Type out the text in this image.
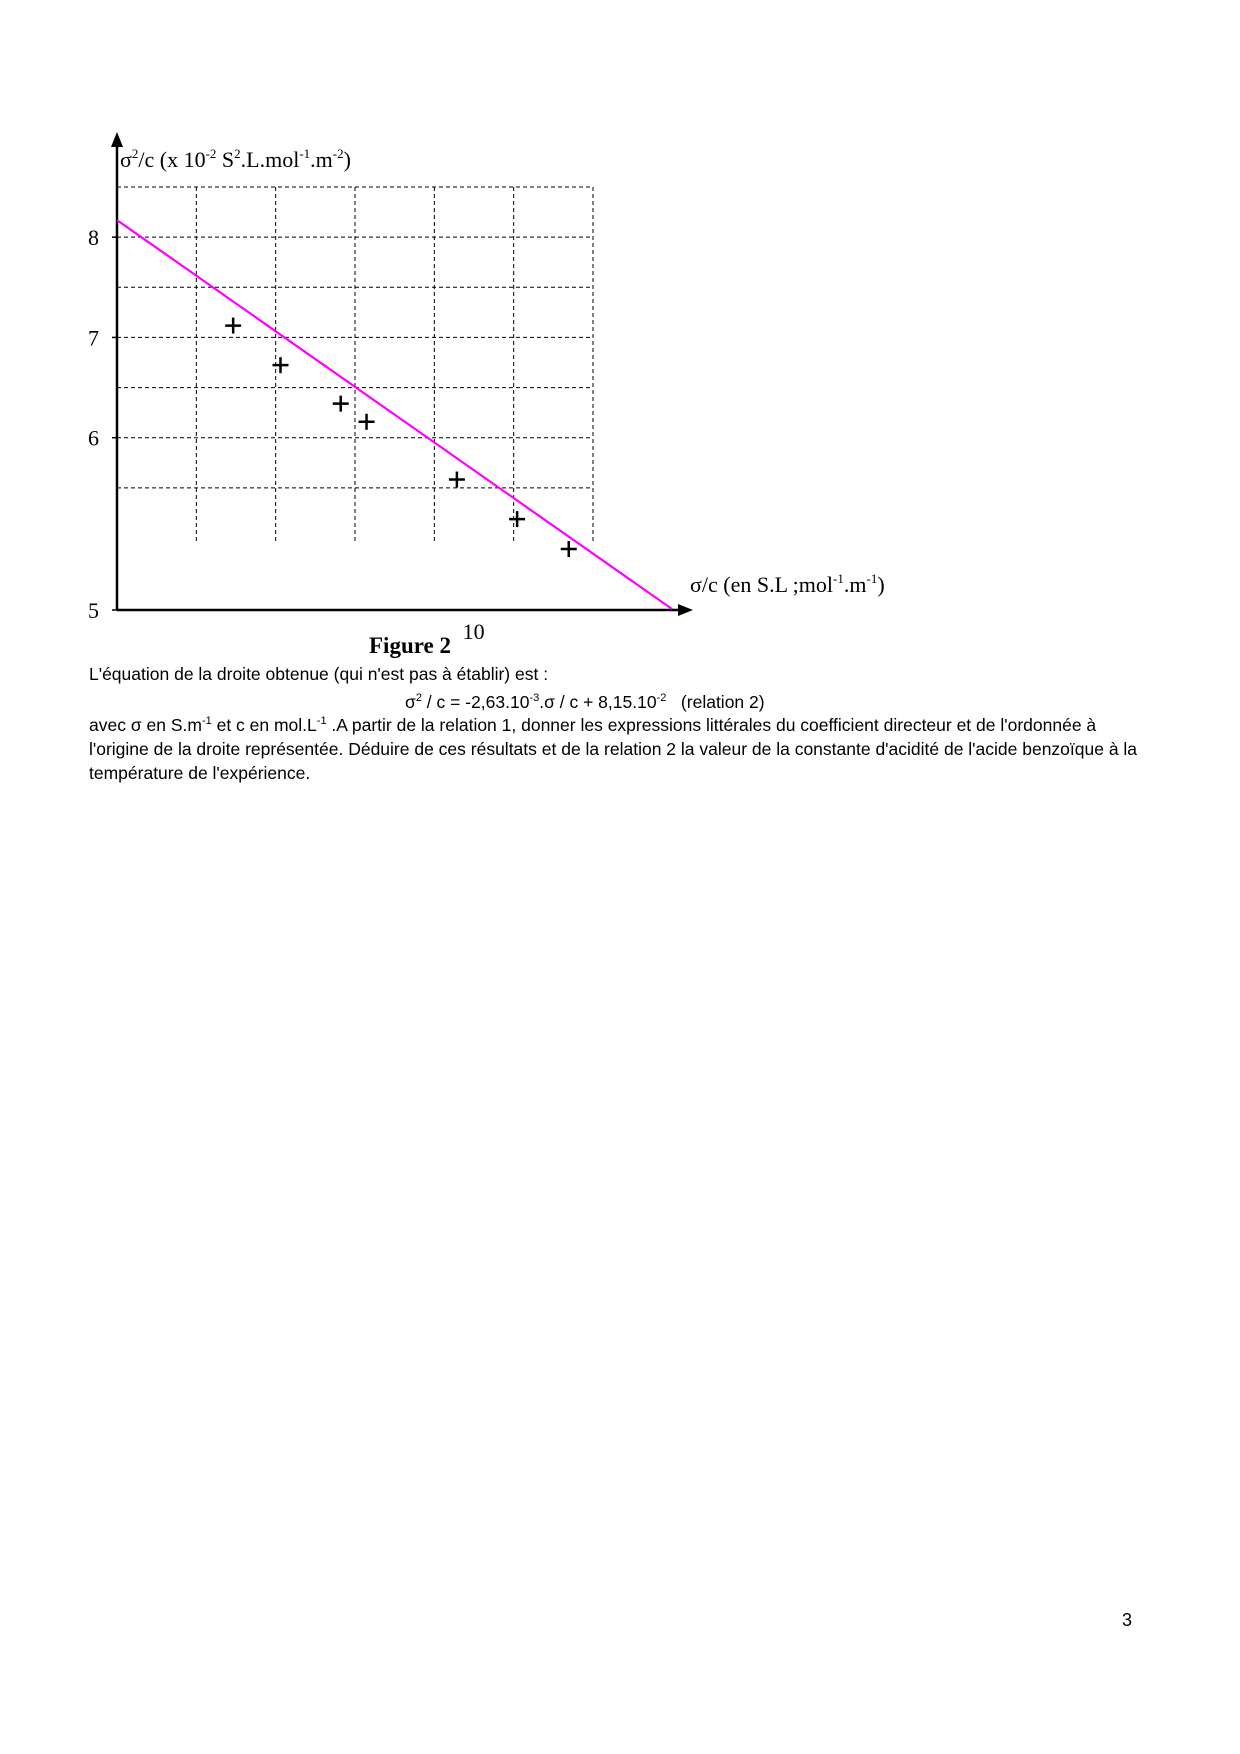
5
6
7
8
10
$\sigma^2/c$ (x $10^{-2}$ $S^2.L.mol^{-1}.m^{-2}$)
σ/c (en S.L $;mol^{-1}.m^{-1}$)
Figure 2
L'équation de la droite obtenue (qui n'est pas à établir) est :
$\sigma^2 / c = -2,63.10^{-3}.\sigma / c + 8,15.10^{-2}$   (relation 2)
avec σ en $S.m^{-1}$ et c en $mol.L^{-1}$ .A partir de la relation 1, donner les expressions littérales du coefficient directeur et de l'ordonnée à l'origine de la droite représentée. Déduire de ces résultats et de la relation 2 la valeur de la constante d'acidité de l'acide benzoïque à la température de l'expérience.
3
